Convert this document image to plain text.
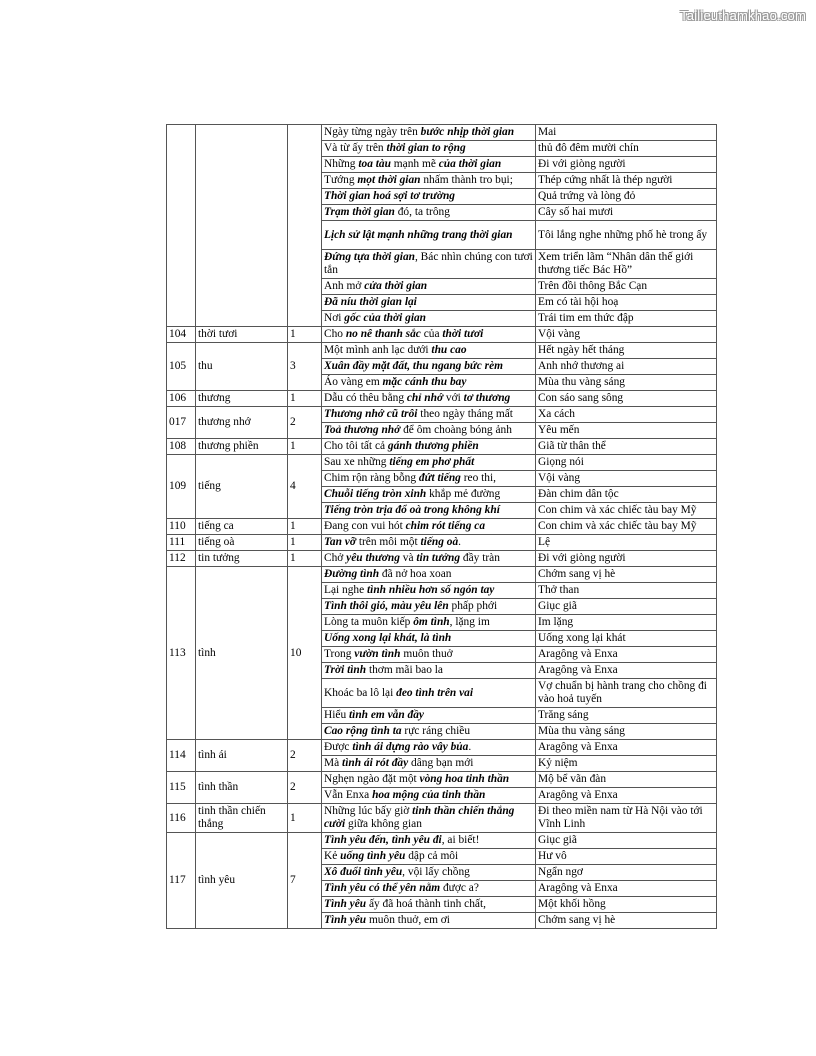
Tailieuthamkhao.com
			Ngày từng ngày trên bước nhịp thời gian	Mai
			Và từ ấy trên thời gian to rộng	thủ đô đêm mười chín
			Những toa tàu mạnh mẽ của thời gian	Đi với giòng người
			Tướng mọt thời gian nhấm thành tro bụi;	Thép cứng nhất là thép người
			Thời gian hoá sợi tơ trường	Quả trứng và lòng đỏ
			Trạm thời gian đó, ta trông	Cây số hai mươi
			Lịch sử lật mạnh những trang thời gian	Tôi lắng nghe những phố hè trong ấy
			Đứng tựa thời gian, Bác nhìn chúng con tươi tắn	Xem triển lãm “Nhân dân thế giới thương tiếc Bác Hồ”
			Anh mở cửa thời gian	Trên đồi thông Bắc Cạn
			Đã níu thời gian lại	Em có tài hội hoạ
			Nơi gốc của thời gian	Trái tim em thức đập
104	thời tươi	1	Cho no nê thanh sắc của thời tươi	Vội vàng
105	thu	3	Một mình anh lạc dưới thu cao	Hết ngày hết tháng
			Xuân đầy mặt đất, thu ngang bức rèm	Anh nhớ thương ai
			Áo vàng em mặc cánh thu bay	Mùa thu vàng sáng
106	thương	1	Dẫu có thêu bằng chỉ nhớ với tơ thương	Con sáo sang sông
017	thương nhớ	2	Thương nhớ cũ trôi theo ngày tháng mất	Xa cách
			Toả thương nhớ để ôm choàng bóng ảnh	Yêu mến
108	thương phiền	1	Cho tôi tất cả gánh thương phiền	Giã từ thân thể
109	tiếng	4	Sau xe những tiếng em phơ phất	Giọng nói
			Chim rộn ràng bỗng đứt tiếng reo thi,	Vội vàng
			Chuỗi tiếng tròn xinh khắp mẻ đường	Đàn chim dân tộc
			Tiếng tròn trịa đổ oà trong không khí	Con chim và xác chiếc tàu bay Mỹ
110	tiếng ca	1	Đang con vui hót chim rót tiếng ca	Con chim và xác chiếc tàu bay Mỹ
111	tiếng oà	1	Tan vỡ trên môi một tiếng oà.	Lệ
112	tin tưởng	1	Chở yêu thương và tin tưởng đầy tràn	Đi với giòng người
113	tình	10	Đường tình đã nở hoa xoan	Chớm sang vị hè
			Lại nghe tình nhiều hơn số ngón tay	Thở than
			Tình thôi gió, màu yêu lên phấp phới	Giục giã
			Lòng ta muôn kiếp ôm tình, lặng im	Im lặng
			Uống xong lại khát, là tình	Uống xong lại khát
			Trong vườn tình muôn thuở	Aragông và Enxa
			Trời tình thơm mãi bao la	Aragông và Enxa
			Khoác ba lô lại đeo tình trên vai	Vợ chuẩn bị hành trang cho chồng đi vào hoả tuyến
			Hiểu tình em vẫn đầy	Trăng sáng
			Cao rộng tình ta rực ráng chiều	Mùa thu vàng sáng
114	tình ái	2	Được tình ái dựng rào vây bủa.	Aragông và Enxa
			Mà tình ái rót đầy dâng bạn mới	Kỷ niệm
115	tình thần	2	Nghẹn ngào đặt một vòng hoa tinh thần	Mộ bể vãn đàn
			Vẫn Enxa hoa mộng của tinh thần	Aragông và Enxa
116	tinh thần chiến thắng	1	Những lúc bấy giờ tinh thần chiến thắng cười giữa không gian	Đi theo miền nam từ Hà Nội vào tới Vĩnh Linh
117	tình yêu	7	Tình yêu đến, tình yêu đi, ai biết!	Giục giã
			Kẻ uống tình yêu dập cả môi	Hư vô
			Xô đuổi tình yêu, vội lấy chồng	Ngẩn ngơ
			Tình yêu có thể yên nằm được a?	Aragông và Enxa
			Tình yêu ấy đã hoá thành tinh chất,	Một khối hồng
			Tình yêu muôn thuở, em ơi	Chớm sang vị hè
